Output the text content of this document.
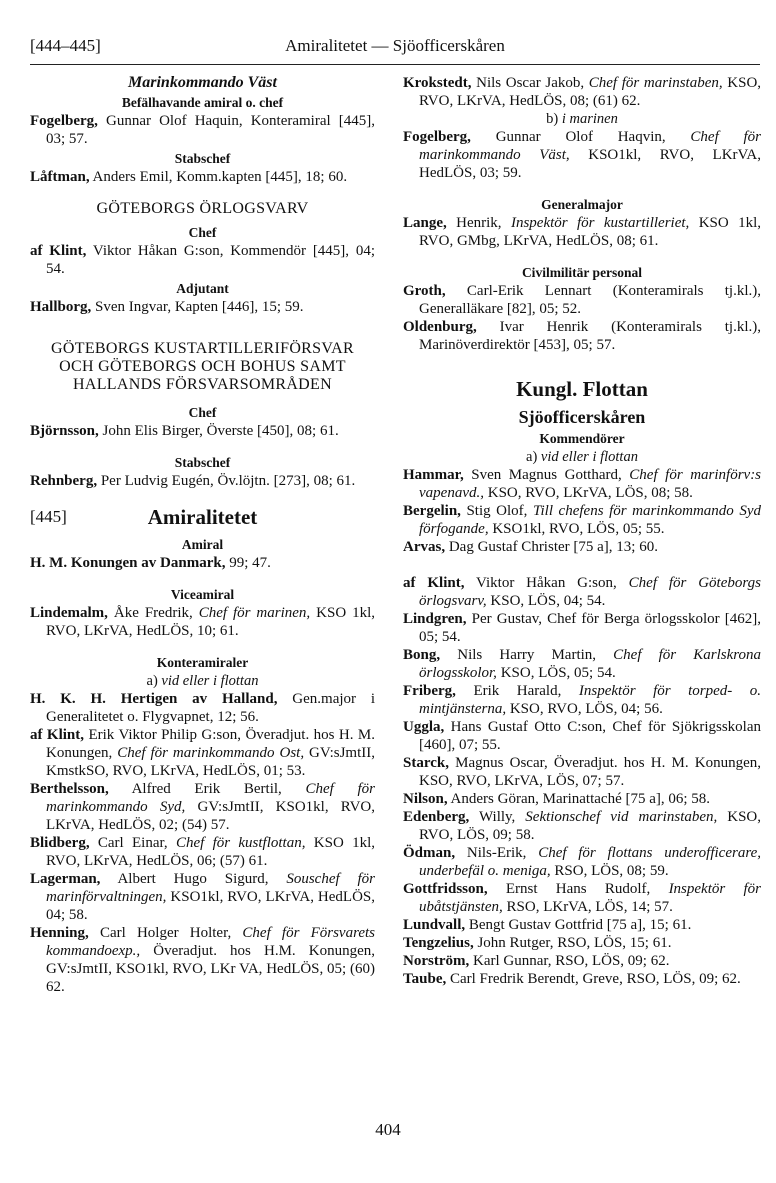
[444–445]	Amiralitetet — Sjöofficerskåren

Marinkommando Väst

Befälhavande amiral o. chef

Fogelberg, Gunnar Olof Haquin, Konteramiral [445], 03; 57.

Stabschef

Låftman, Anders Emil, Komm.kapten [445], 18; 60.

GÖTEBORGS ÖRLOGSVARV

Chef

af Klint, Viktor Håkan G:son, Kommendör [445], 04; 54.

Adjutant

Hallborg, Sven Ingvar, Kapten [446], 15; 59.

GÖTEBORGS KUSTARTILLERIFÖRSVAR

OCH GÖTEBORGS OCH BOHUS SAMT

HALLANDS FÖRSVARSOMRÅDEN

Chef

Björnsson, John Elis Birger, Överste [450], 08; 61.

Stabschef

Rehnberg, Per Ludvig Eugén, Öv.löjtn. [273], 08; 61.

[445]	Amiralitetet

Amiral

H. M. Konungen av Danmark, 99; 47.

Viceamiral

Lindemalm, Åke Fredrik, Chef för marinen, KSO 1kl, RVO, LKrVA, HedLÖS, 10; 61.

Konteramiraler

a) vid eller i flottan

H. K. H. Hertigen av Halland, Gen.major i Generalitetet o. Flygvapnet, 12; 56.

af Klint, Erik Viktor Philip G:son, Överadjut. hos H. M. Konungen, Chef för marinkommando Ost, GV:sJmtII, KmstkSO, RVO, LKrVA, HedLÖS, 01; 53.

Berthelsson, Alfred Erik Bertil, Chef för marinkommando Syd, GV:sJmtII, KSO1kl, RVO, LKrVA, HedLÖS, 02; (54) 57.

Blidberg, Carl Einar, Chef för kustflottan, KSO 1kl, RVO, LKrVA, HedLÖS, 06; (57) 61.

Lagerman, Albert Hugo Sigurd, Souschef för marinförvaltningen, KSO1kl, RVO, LKrVA, HedLÖS, 04; 58.

Henning, Carl Holger Holter, Chef för Försvarets kommandoexp., Överadjut. hos H.M. Konungen, GV:sJmtII, KSO1kl, RVO, LKr VA, HedLÖS, 05; (60) 62.

Krokstedt, Nils Oscar Jakob, Chef för marinstaben, KSO, RVO, LKrVA, HedLÖS, 08; (61) 62.

b) i marinen

Fogelberg, Gunnar Olof Haqvin, Chef för marinkommando Väst, KSO1kl, RVO, LKrVA, HedLÖS, 03; 59.

Generalmajor

Lange, Henrik, Inspektör för kustartilleriet, KSO 1kl, RVO, GMbg, LKrVA, HedLÖS, 08; 61.

Civilmilitär personal

Groth, Carl-Erik Lennart (Konteramirals tj.kl.), Generalläkare [82], 05; 52.

Oldenburg, Ivar Henrik (Konteramirals tj.kl.), Marinöverdirektör [453], 05; 57.

Kungl. Flottan

Sjöofficerskåren

Kommendörer

a) vid eller i flottan

Hammar, Sven Magnus Gotthard, Chef för marinförv:s vapenavd., KSO, RVO, LKrVA, LÖS, 08; 58.

Bergelin, Stig Olof, Till chefens för marinkommando Syd förfogande, KSO1kl, RVO, LÖS, 05; 55.

Arvas, Dag Gustaf Christer [75 a], 13; 60.

af Klint, Viktor Håkan G:son, Chef för Göteborgs örlogsvarv, KSO, LÖS, 04; 54.

Lindgren, Per Gustav, Chef för Berga örlogsskolor [462], 05; 54.

Bong, Nils Harry Martin, Chef för Karlskrona örlogsskolor, KSO, LÖS, 05; 54.

Friberg, Erik Harald, Inspektör för torped- o. mintjänsterna, KSO, RVO, LÖS, 04; 56.

Uggla, Hans Gustaf Otto C:son, Chef för Sjökrigsskolan [460], 07; 55.

Starck, Magnus Oscar, Överadjut. hos H. M. Konungen, KSO, RVO, LKrVA, LÖS, 07; 57.

Nilson, Anders Göran, Marinattaché [75 a], 06; 58.

Edenberg, Willy, Sektionschef vid marinstaben, KSO, RVO, LÖS, 09; 58.

Ödman, Nils-Erik, Chef för flottans underofficerare, underbefäl o. meniga, RSO, LÖS, 08; 59.

Gottfridsson, Ernst Hans Rudolf, Inspektör för ubåtstjänsten, RSO, LKrVA, LÖS, 14; 57.

Lundvall, Bengt Gustav Gottfrid [75 a], 15; 61.

Tengzelius, John Rutger, RSO, LÖS, 15; 61.

Norström, Karl Gunnar, RSO, LÖS, 09; 62.

Taube, Carl Fredrik Berendt, Greve, RSO, LÖS, 09; 62.

404
